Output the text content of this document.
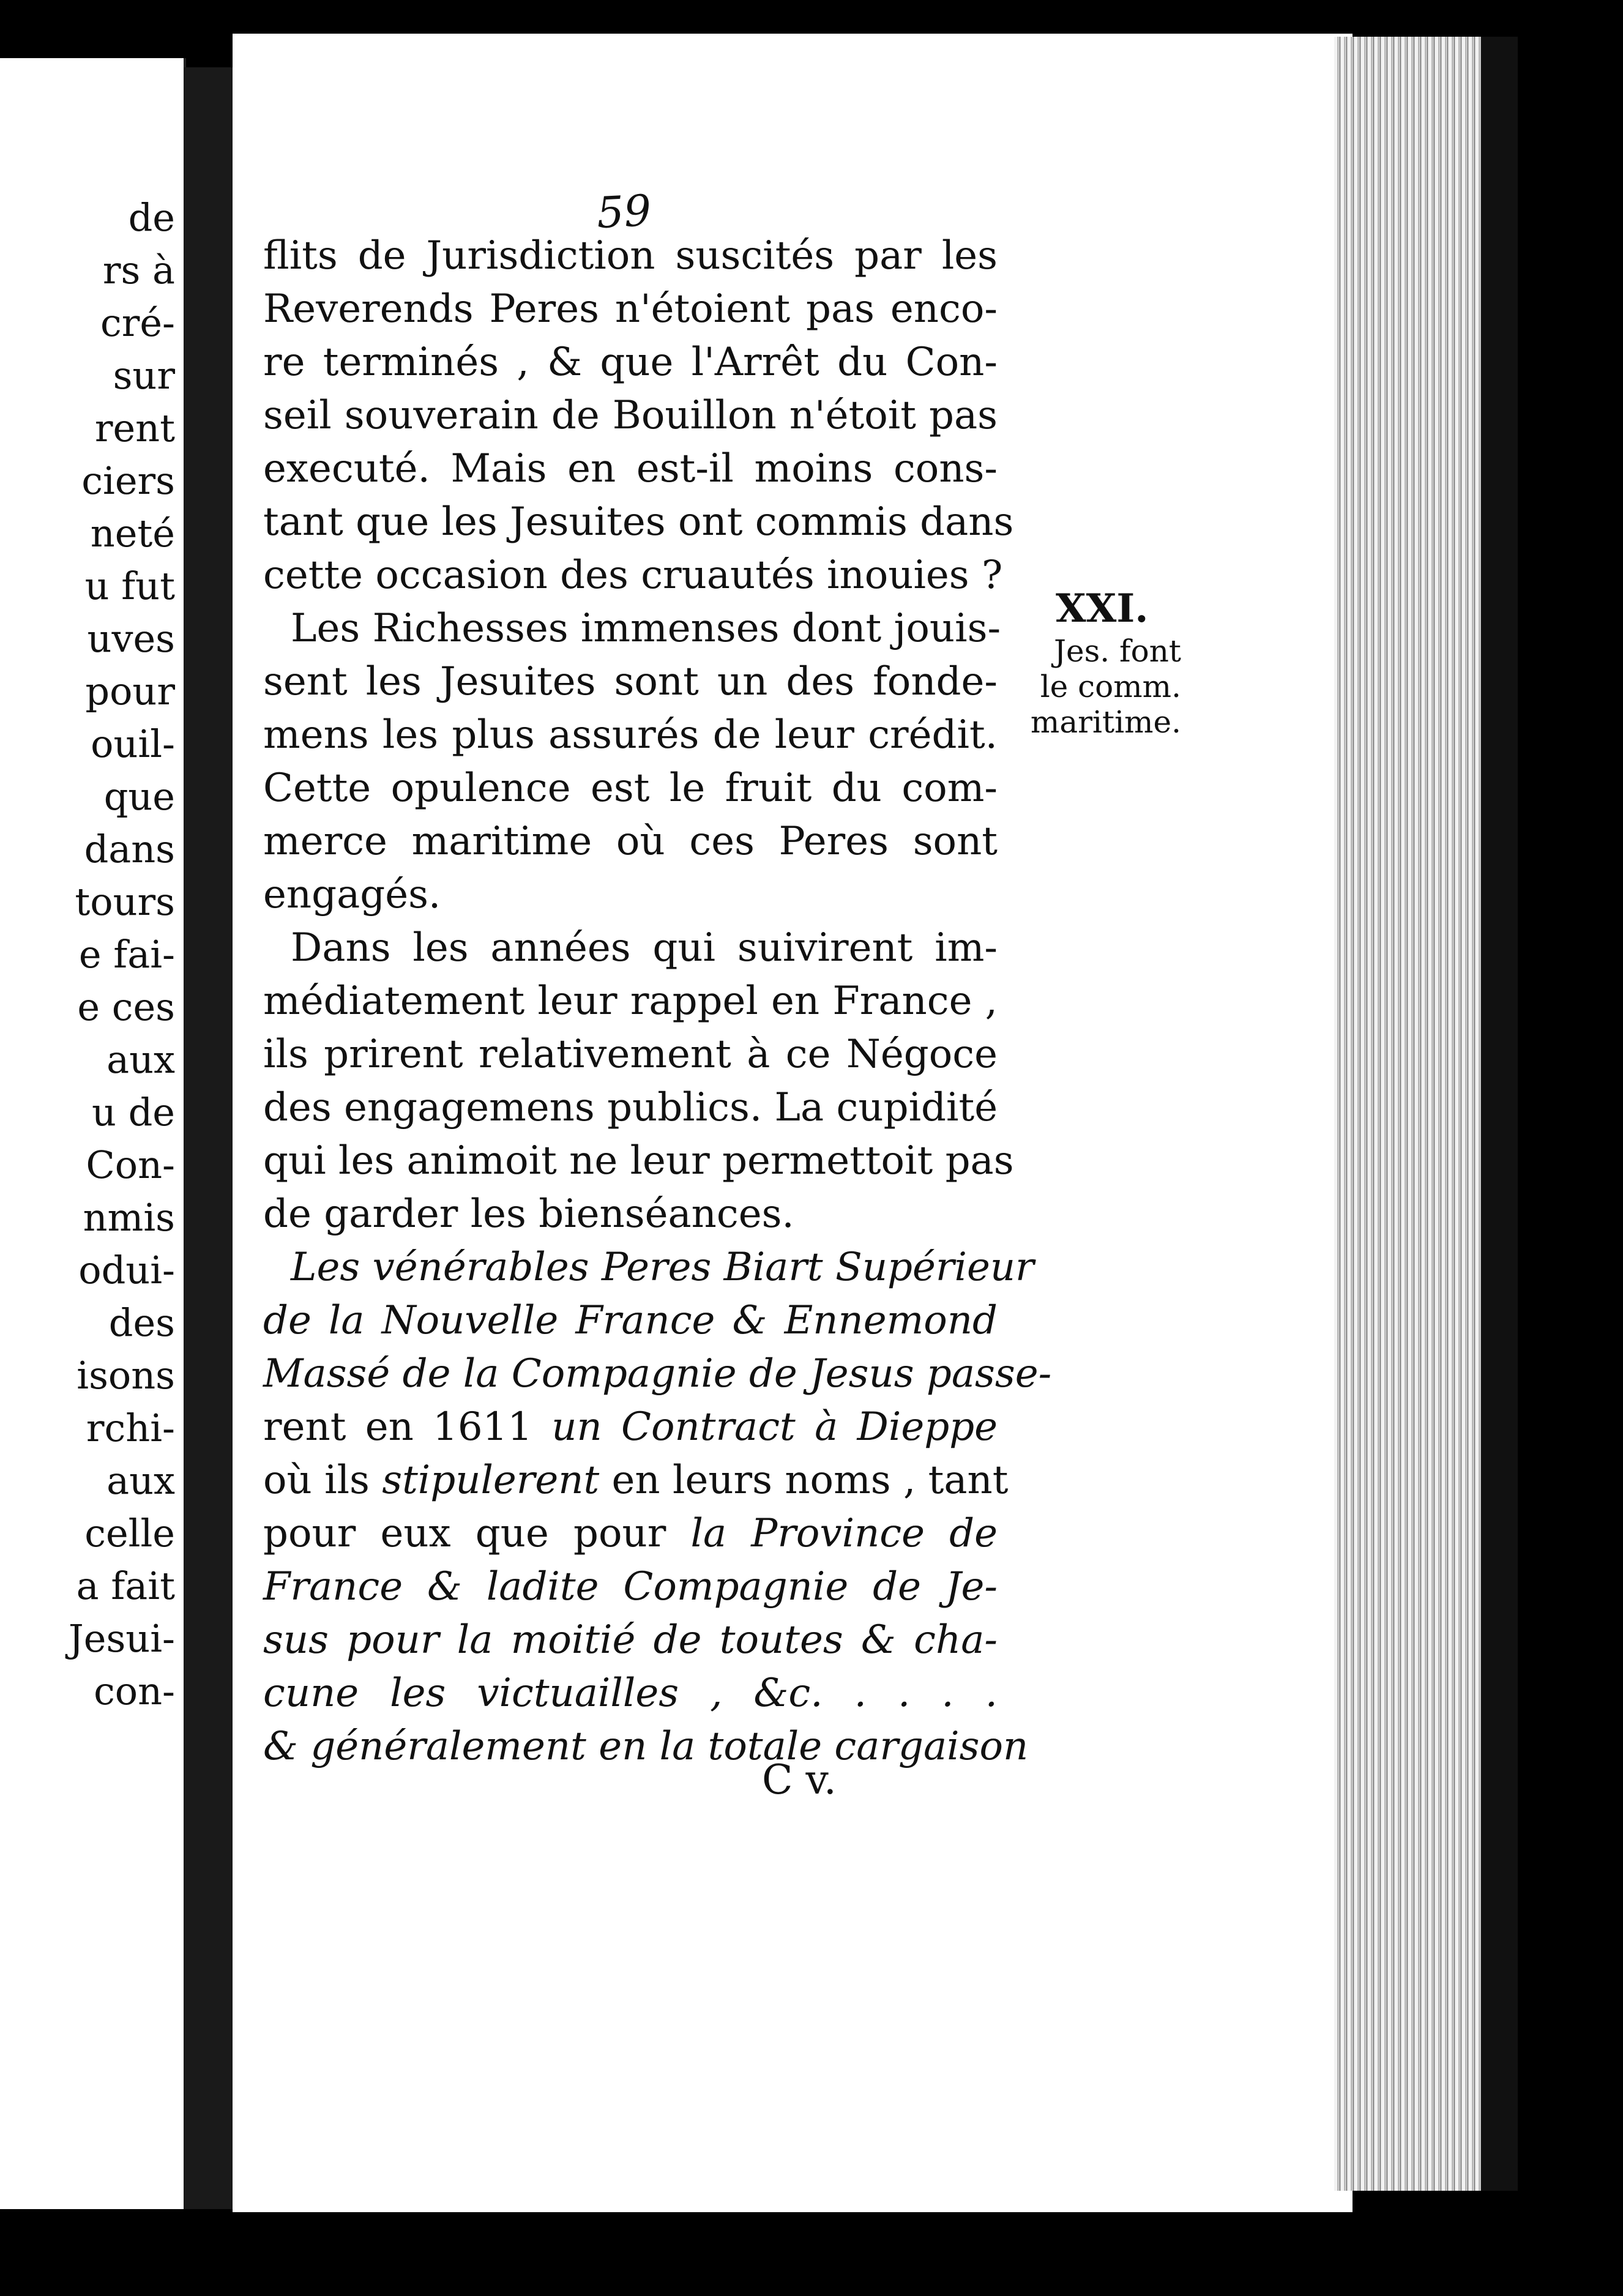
de
rs à
cré-
sur
rent
ciers
neté
u fut
uves
pour
ouil-
que
dans
tours
e fai-
e ces
aux
u de
Con-
nmis
odui-
des
isons
rchi-
aux
celle
a fait
Jesui-
con-
59
flits de Jurisdiction suscités par les
Reverends Peres n'étoient pas enco-
re terminés , & que l'Arrêt du Con-
seil souverain de Bouillon n'étoit pas
executé. Mais en est-il moins cons-
tant que les Jesuites ont commis dans
cette occasion des cruautés inouies ?
Les Richesses immenses dont jouis-
sent les Jesuites sont un des fonde-
mens les plus assurés de leur crédit.
Cette opulence est le fruit du com-
merce maritime où ces Peres sont
engagés.
Dans les années qui suivirent im-
médiatement leur rappel en France ,
ils prirent relativement à ce Négoce
des engagemens publics. La cupidité
qui les animoit ne leur permettoit pas
de garder les bienséances.
Les vénérables Peres Biart Supérieur
de la Nouvelle France & Ennemond
Massé de la Compagnie de Jesus passe-
rent en 1611 un Contract à Dieppe
où ils stipulerent en leurs noms , tant
pour eux que pour la Province de
France & ladite Compagnie de Je-
sus pour la moitié de toutes & cha-
cune les victuailles , &c. . . . .
& généralement en la totale cargaison
XXI.
Jes. font
le comm.
maritime.
C v.
